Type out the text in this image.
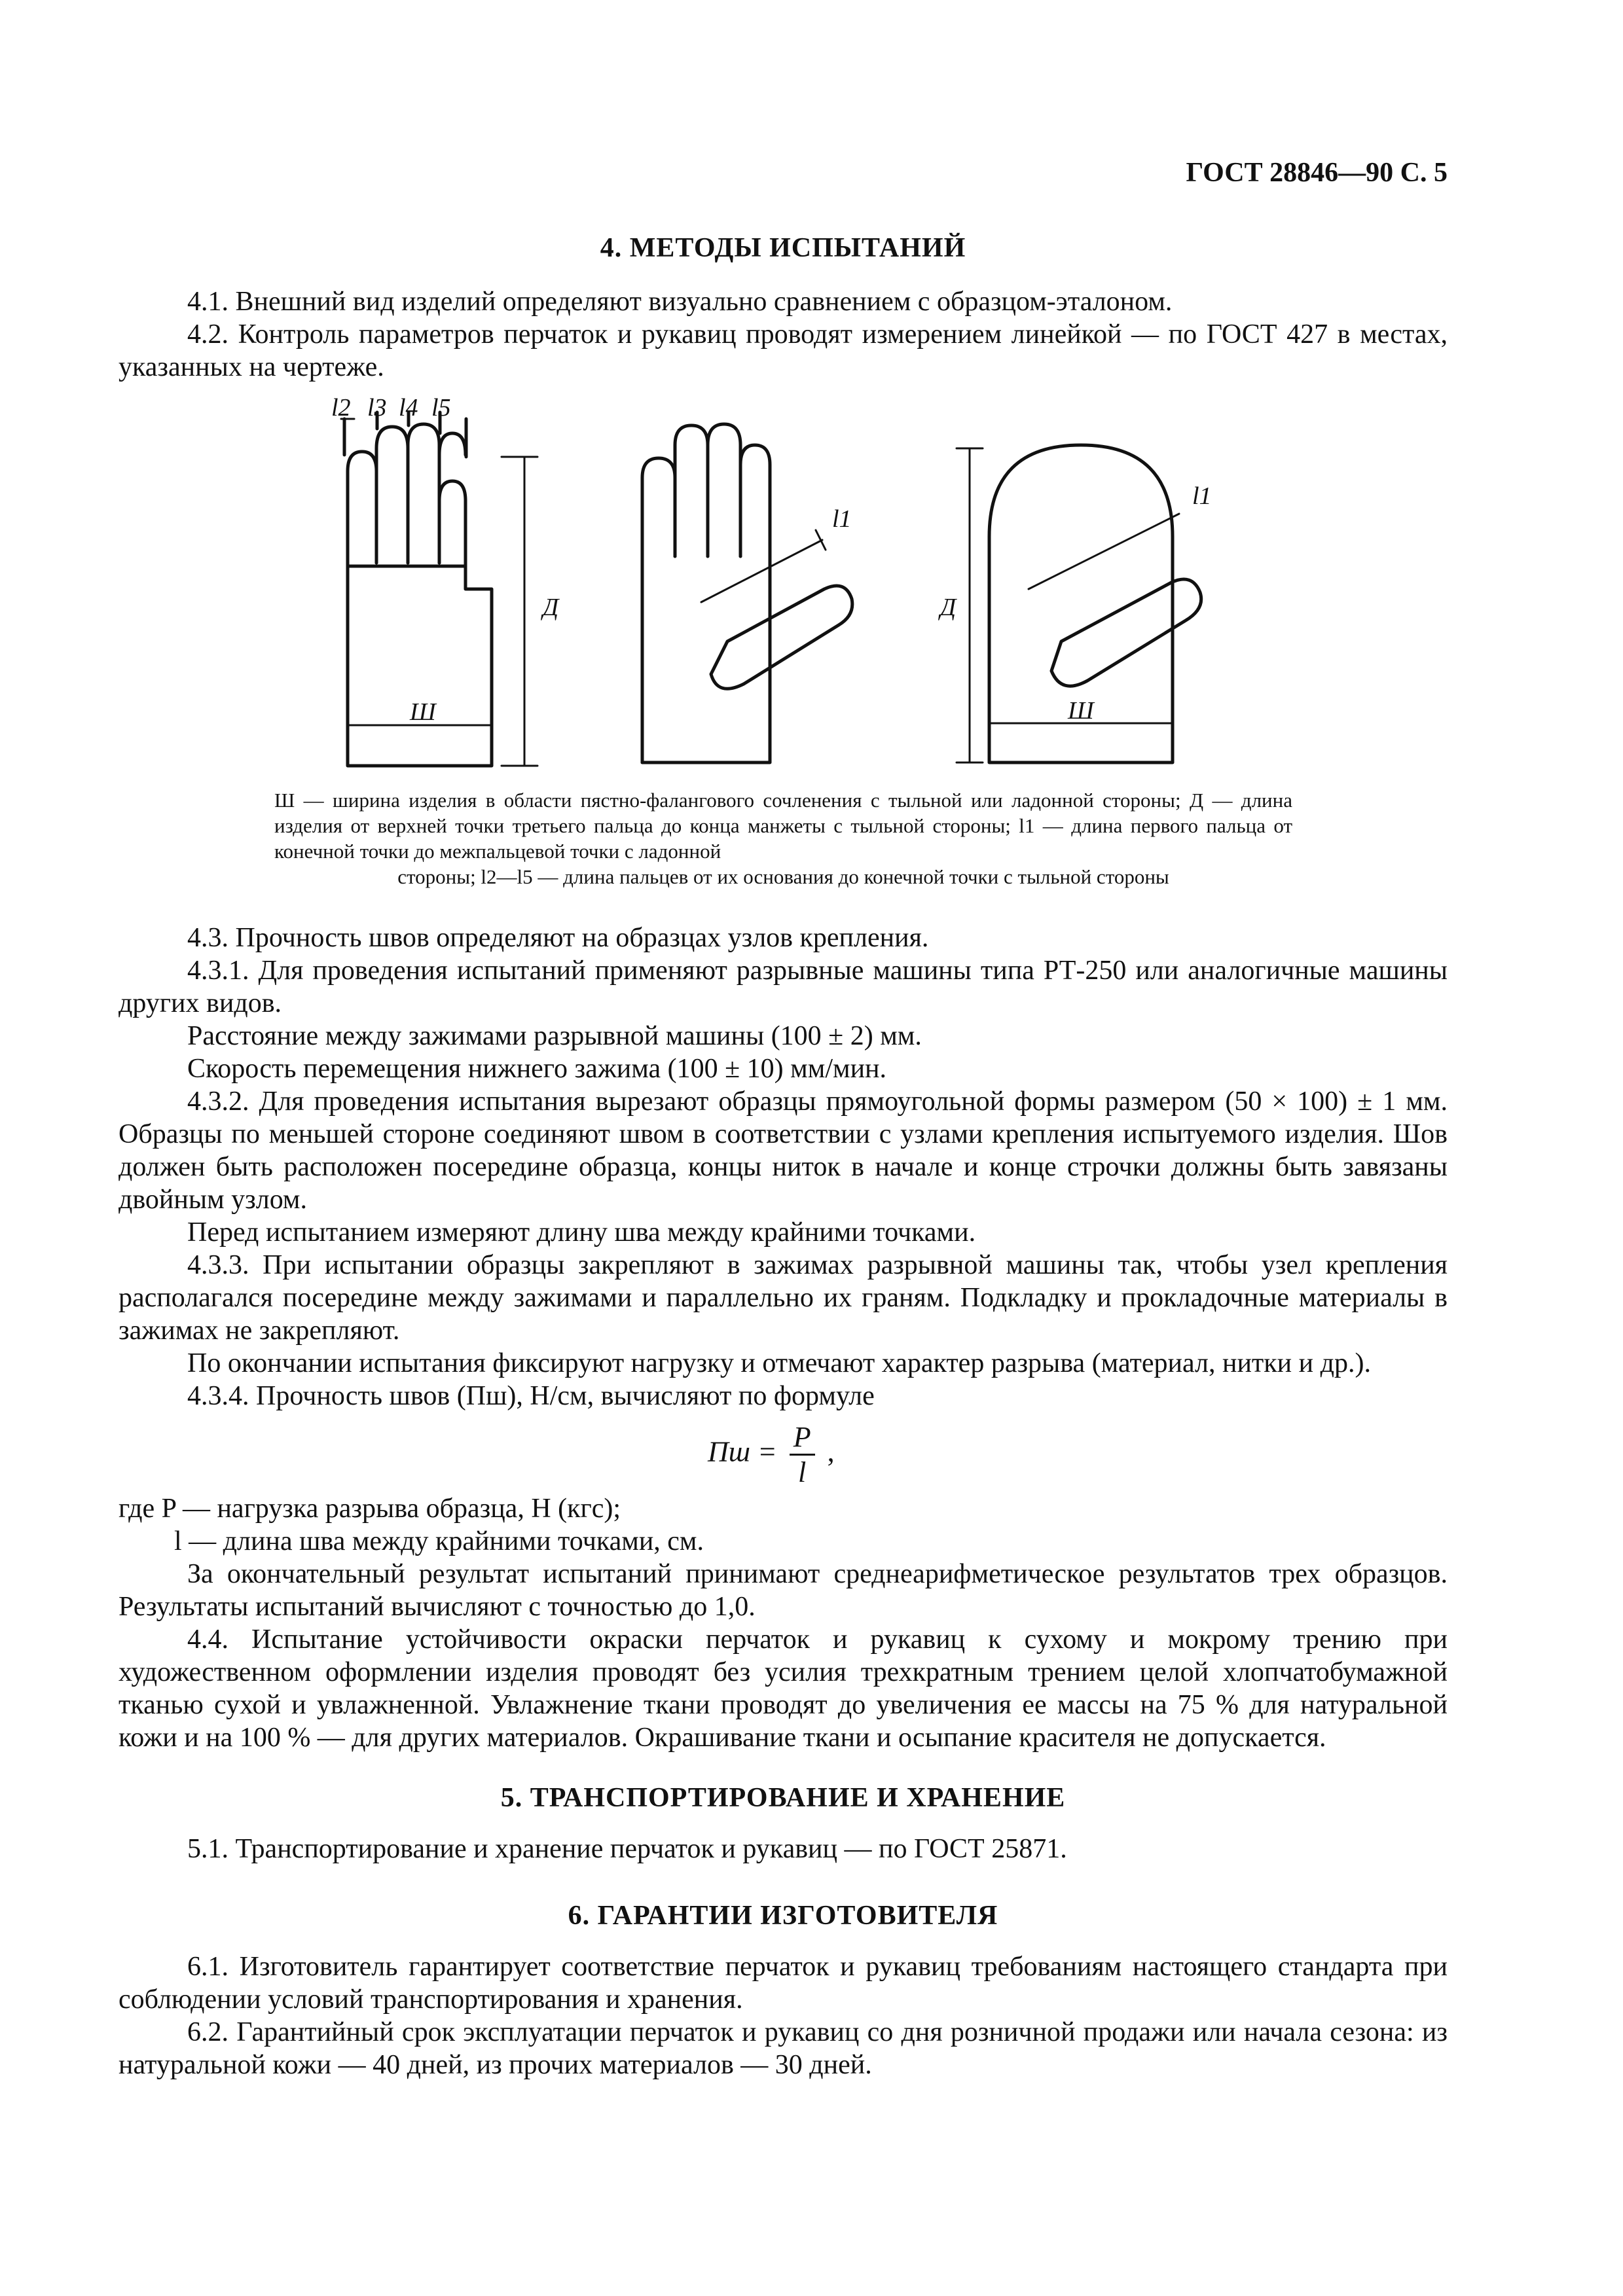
ГОСТ 28846—90 С. 5
4. МЕТОДЫ ИСПЫТАНИЙ
4.1. Внешний вид изделий определяют визуально сравнением с образцом-эталоном.
4.2. Контроль параметров перчаток и рукавиц проводят измерением линейкой — по ГОСТ 427 в местах, указанных на чертеже.
l2 l3 l4 l5
Д
Ш
l1
l1
Д
Ш
Ш — ширина изделия в области пястно-фалангового сочленения с тыльной или ладонной стороны; Д — длина изделия от верхней точки третьего пальца до конца манжеты с тыльной стороны; l1 — длина первого пальца от конечной точки до межпальцевой точки с ладонной
стороны; l2—l5 — длина пальцев от их основания до конечной точки с тыльной стороны
4.3. Прочность швов определяют на образцах узлов крепления.
4.3.1. Для проведения испытаний применяют разрывные машины типа РТ-250 или аналогичные машины других видов.
Расстояние между зажимами разрывной машины (100 ± 2) мм.
Скорость перемещения нижнего зажима (100 ± 10) мм/мин.
4.3.2. Для проведения испытания вырезают образцы прямоугольной формы размером (50 × 100) ± 1 мм. Образцы по меньшей стороне соединяют швом в соответствии с узлами крепления испытуемого изделия. Шов должен быть расположен посередине образца, концы ниток в начале и конце строчки должны быть завязаны двойным узлом.
Перед испытанием измеряют длину шва между крайними точками.
4.3.3. При испытании образцы закрепляют в зажимах разрывной машины так, чтобы узел крепления располагался посередине между зажимами и параллельно их граням. Подкладку и прокладочные материалы в зажимах не закрепляют.
По окончании испытания фиксируют нагрузку и отмечают характер разрыва (материал, нитки и др.).
4.3.4. Прочность швов (Пш), Н/см, вычисляют по формуле
Пш = $\frac{P}{l}$ ,
где P — нагрузка разрыва образца, Н (кгс);
l — длина шва между крайними точками, см.
За окончательный результат испытаний принимают среднеарифметическое результатов трех образцов. Результаты испытаний вычисляют с точностью до 1,0.
4.4. Испытание устойчивости окраски перчаток и рукавиц к сухому и мокрому трению при художественном оформлении изделия проводят без усилия трехкратным трением целой хлопчатобумажной тканью сухой и увлажненной. Увлажнение ткани проводят до увеличения ее массы на 75 % для натуральной кожи и на 100 % — для других материалов. Окрашивание ткани и осыпание красителя не допускается.
5. ТРАНСПОРТИРОВАНИЕ И ХРАНЕНИЕ
5.1. Транспортирование и хранение перчаток и рукавиц — по ГОСТ 25871.
6. ГАРАНТИИ ИЗГОТОВИТЕЛЯ
6.1. Изготовитель гарантирует соответствие перчаток и рукавиц требованиям настоящего стандарта при соблюдении условий транспортирования и хранения.
6.2. Гарантийный срок эксплуатации перчаток и рукавиц со дня розничной продажи или начала сезона: из натуральной кожи — 40 дней, из прочих материалов — 30 дней.
